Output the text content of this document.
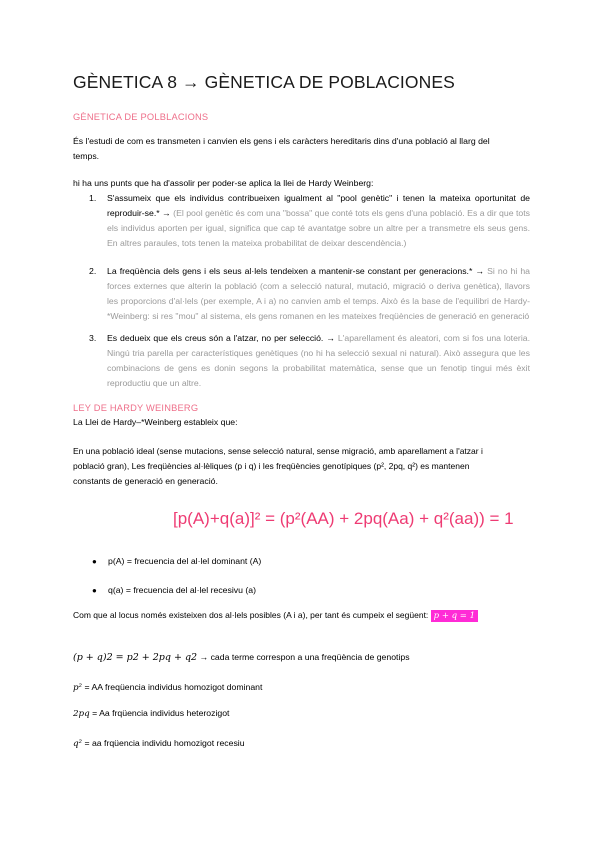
GÈNETICA 8 → GÈNETICA DE POBLACIONES
GÈNETICA DE POLBLACIONS
És l'estudi de com es transmeten i canvien els gens i els caràcters hereditaris dins d'una població al llarg del
temps.
hi ha uns punts que ha d'assolir per poder-se aplica la llei de Hardy Weinberg:
1. S'assumeix que els individus contribueixen igualment al "pool genètic" i tenen la mateixa oportunitat de reproduir-se.* → (El pool genètic és com una "bossa" que conté tots els gens d'una població. Es a dir que tots els individus aporten per igual, significa que cap té avantatge sobre un altre per a transmetre els seus gens. En altres paraules, tots tenen la mateixa probabilitat de deixar descendència.)
2. La freqüència dels gens i els seus al·lels tendeixen a mantenir-se constant per generacions.* → Si no hi ha forces externes que alterin la població (com a selecció natural, mutació, migració o deriva genètica), llavors les proporcions d'al·lels (per exemple, A i a) no canvien amb el temps. Això és la base de l'equilibri de Hardy-*Weinberg: si res "mou" al sistema, els gens romanen en les mateixes freqüències de generació en generació
3. Es dedueix que els creus són a l'atzar, no per selecció. → L'aparellament és aleatori, com si fos una loteria. Ningú tria parella per característiques genètiques (no hi ha selecció sexual ni natural). Això assegura que les combinacions de gens es donin segons la probabilitat matemàtica, sense que un fenotip tingui més èxit reproductiu que un altre.
LEY DE HARDY WEINBERG
La Llei de Hardy–*Weinberg estableix que:
En una població ideal (sense mutacions, sense selecció natural, sense migració, amb aparellament a l'atzar i
població gran), Les freqüències al·lèliques (p i q) i les freqüències genotípiques (p², 2pq, q²) es mantenen
constants de generació en generació.
[p(A)+q(a)]² = (p²(AA) + 2pq(Aa) + q²(aa)) = 1
● p(A) = frecuencia del al·lel dominant (A)
● q(a) = frecuencia del al·lel recesivu (a)
Com que al locus només existeixen dos al·lels posibles (A i a), per tant és cumpeix el següent: p + q = 1
(p + q)2 = p2 + 2pq + q2 → cada terme correspon a una freqüència de genotips
p² = AA freqüencia individus homozigot dominant
2pq = Aa frqüencia individus heterozigot
q² = aa frqüencia individu homozigot recesiu
